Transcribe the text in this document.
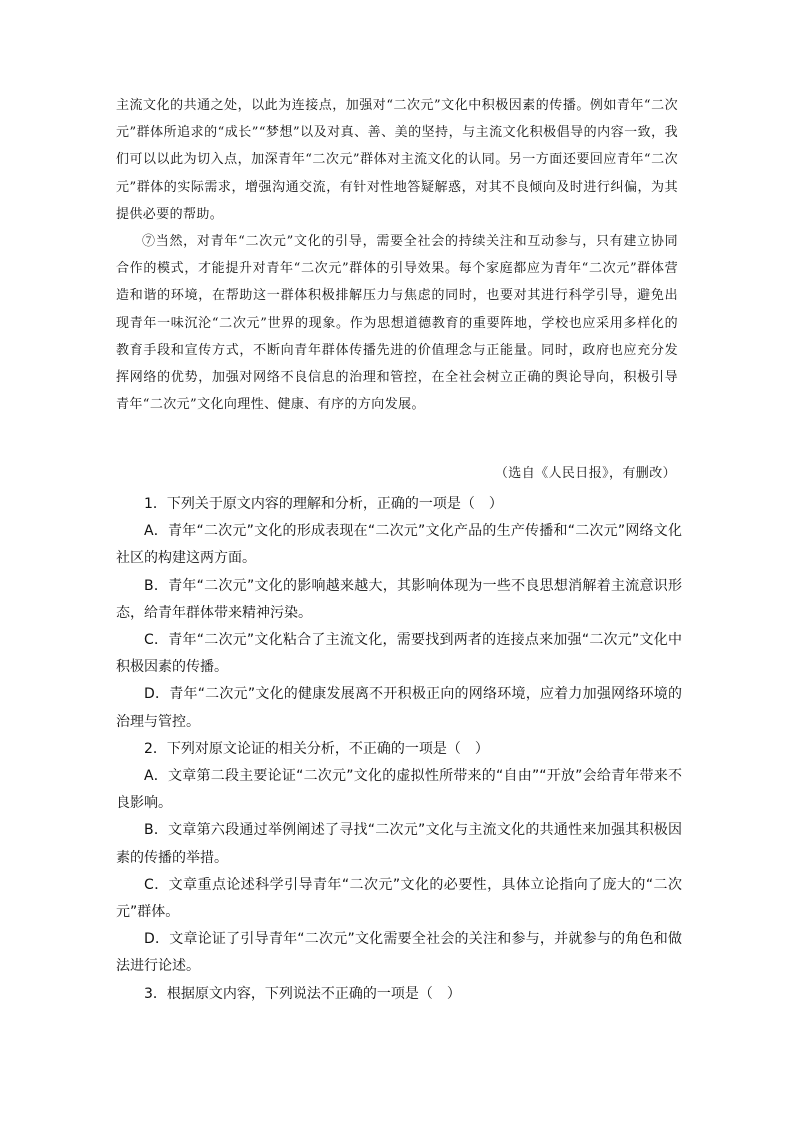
主流文化的共通之处，以此为连接点，加强对“二次元”文化中积极因素的传播。例如青年“二次元”群体所追求的“成长”“梦想”以及对真、善、美的坚持，与主流文化积极倡导的内容一致，我们可以以此为切入点，加深青年“二次元”群体对主流文化的认同。另一方面还要回应青年“二次元”群体的实际需求，增强沟通交流，有针对性地答疑解惑，对其不良倾向及时进行纠偏，为其提供必要的帮助。

⑦当然，对青年“二次元”文化的引导，需要全社会的持续关注和互动参与，只有建立协同合作的模式，才能提升对青年“二次元”群体的引导效果。每个家庭都应为青年“二次元”群体营造和谐的环境，在帮助这一群体积极排解压力与焦虑的同时，也要对其进行科学引导，避免出现青年一味沉沦“二次元”世界的现象。作为思想道德教育的重要阵地，学校也应采用多样化的教育手段和宣传方式，不断向青年群体传播先进的价值理念与正能量。同时，政府也应充分发挥网络的优势，加强对网络不良信息的治理和管控，在全社会树立正确的舆论导向，积极引导青年“二次元”文化向理性、健康、有序的方向发展。

（选自《人民日报》，有删改）

1．下列关于原文内容的理解和分析，正确的一项是（　）

A．青年“二次元”文化的形成表现在“二次元”文化产品的生产传播和“二次元”网络文化社区的构建这两方面。

B．青年“二次元”文化的影响越来越大，其影响体现为一些不良思想消解着主流意识形态，给青年群体带来精神污染。

C．青年“二次元”文化粘合了主流文化，需要找到两者的连接点来加强“二次元”文化中积极因素的传播。

D．青年“二次元”文化的健康发展离不开积极正向的网络环境，应着力加强网络环境的治理与管控。

2．下列对原文论证的相关分析，不正确的一项是（　）

A．文章第二段主要论证“二次元”文化的虚拟性所带来的“自由”“开放”会给青年带来不良影响。

B．文章第六段通过举例阐述了寻找“二次元”文化与主流文化的共通性来加强其积极因素的传播的举措。

C．文章重点论述科学引导青年“二次元”文化的必要性，具体立论指向了庞大的“二次元”群体。

D．文章论证了引导青年“二次元”文化需要全社会的关注和参与，并就参与的角色和做法进行论述。

3．根据原文内容，下列说法不正确的一项是（　）
